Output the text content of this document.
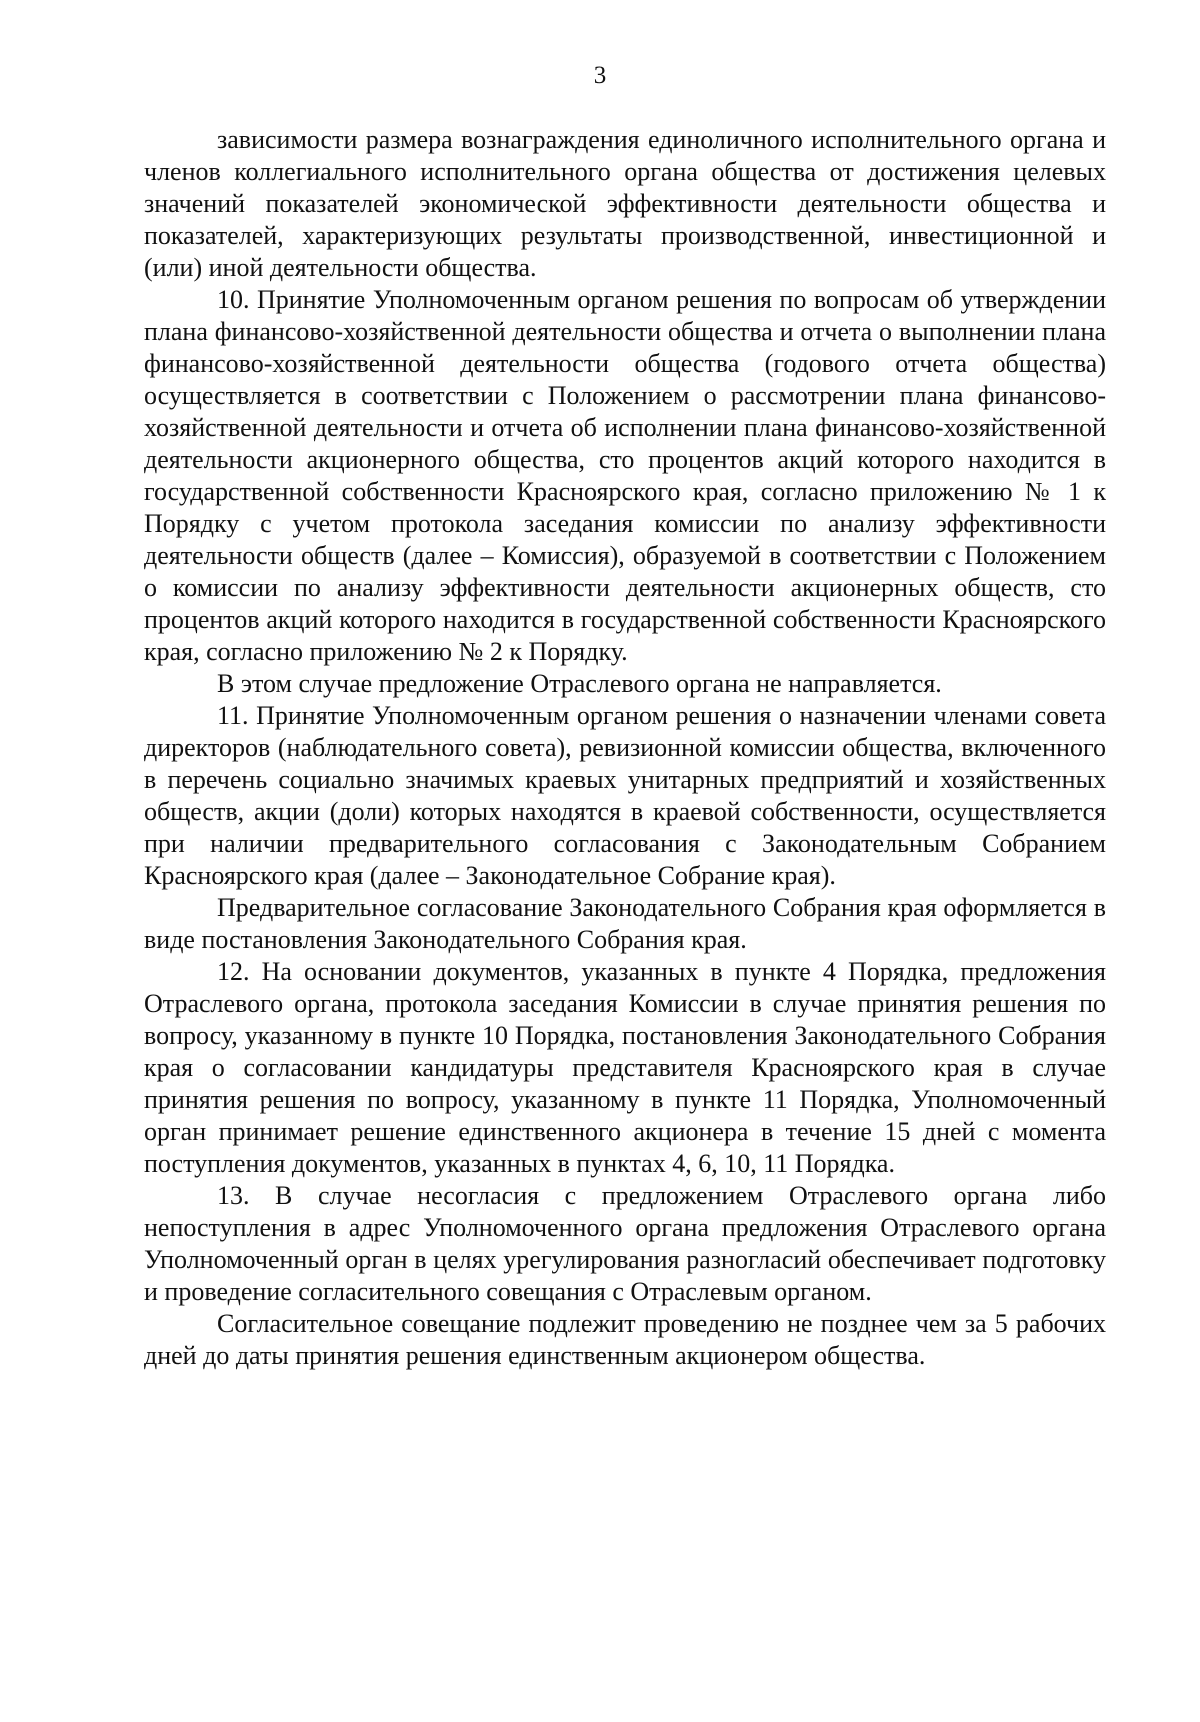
3

зависимости размера вознаграждения единоличного исполнительного органа и членов коллегиального исполнительного органа общества от достижения целевых значений показателей экономической эффективности деятельности общества и показателей, характеризующих результаты производственной, инвестиционной и (или) иной деятельности общества.

10. Принятие Уполномоченным органом решения по вопросам об утверждении плана финансово-хозяйственной деятельности общества и отчета о выполнении плана финансово-хозяйственной деятельности общества (годового отчета общества) осуществляется в соответствии с Положением о рассмотрении плана финансово-хозяйственной деятельности и отчета об исполнении плана финансово-хозяйственной деятельности акционерного общества, сто процентов акций которого находится в государственной собственности Красноярского края, согласно приложению № 1 к Порядку с учетом протокола заседания комиссии по анализу эффективности деятельности обществ (далее – Комиссия), образуемой в соответствии с Положением о комиссии по анализу эффективности деятельности акционерных обществ, сто процентов акций которого находится в государственной собственности Красноярского края, согласно приложению № 2 к Порядку.

В этом случае предложение Отраслевого органа не направляется.

11. Принятие Уполномоченным органом решения о назначении членами совета директоров (наблюдательного совета), ревизионной комиссии общества, включенного в перечень социально значимых краевых унитарных предприятий и хозяйственных обществ, акции (доли) которых находятся в краевой собственности, осуществляется при наличии предварительного согласования с Законодательным Собранием Красноярского края (далее – Законодательное Собрание края).

Предварительное согласование Законодательного Собрания края оформляется в виде постановления Законодательного Собрания края.

12. На основании документов, указанных в пункте 4 Порядка, предложения Отраслевого органа, протокола заседания Комиссии в случае принятия решения по вопросу, указанному в пункте 10 Порядка, постановления Законодательного Собрания края о согласовании кандидатуры представителя Красноярского края в случае принятия решения по вопросу, указанному в пункте 11 Порядка, Уполномоченный орган принимает решение единственного акционера в течение 15 дней с момента поступления документов, указанных в пунктах 4, 6, 10, 11 Порядка.

13. В случае несогласия с предложением Отраслевого органа либо непоступления в адрес Уполномоченного органа предложения Отраслевого органа Уполномоченный орган в целях урегулирования разногласий обеспечивает подготовку и проведение согласительного совещания с Отраслевым органом.

Согласительное совещание подлежит проведению не позднее чем за 5 рабочих дней до даты принятия решения единственным акционером общества.
